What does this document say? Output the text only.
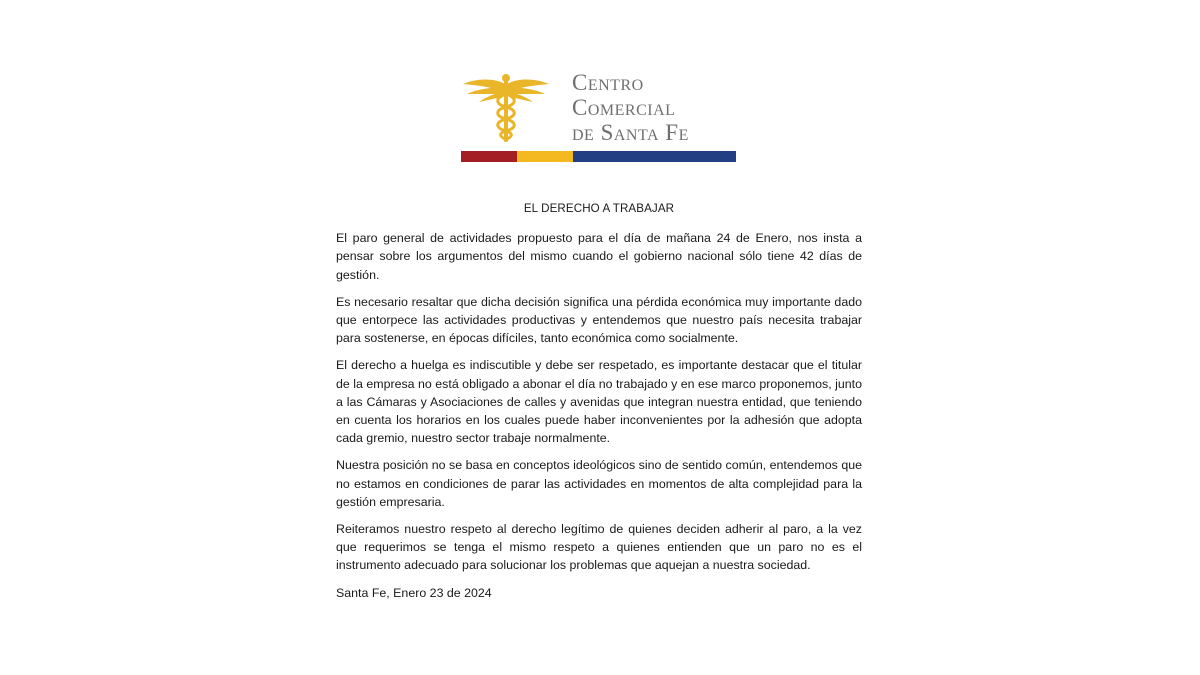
Centro
Comercial
de Santa Fe
EL DERECHO A TRABAJAR

El paro general de actividades propuesto para el día de mañana 24 de Enero, nos insta a pensar sobre los argumentos del mismo cuando el gobierno nacional sólo tiene 42 días de gestión.

Es necesario resaltar que dicha decisión significa una pérdida económica muy importante dado que entorpece las actividades productivas y entendemos que nuestro país necesita trabajar para sostenerse, en épocas difíciles, tanto económica como socialmente.

El derecho a huelga es indiscutible y debe ser respetado, es importante destacar que el titular de la empresa no está obligado a abonar el día no trabajado y en ese marco proponemos, junto a las Cámaras y Asociaciones de calles y avenidas que integran nuestra entidad, que teniendo en cuenta los horarios en los cuales puede haber inconvenientes por la adhesión que adopta cada gremio, nuestro sector trabaje normalmente.

Nuestra posición no se basa en conceptos ideológicos sino de sentido común, entendemos que no estamos en condiciones de parar las actividades en momentos de alta complejidad para la gestión empresaria.

Reiteramos nuestro respeto al derecho legítimo de quienes deciden adherir al paro, a la vez que requerimos se tenga el mismo respeto a quienes entienden que un paro no es el instrumento adecuado para solucionar los problemas que aquejan a nuestra sociedad.

Santa Fe, Enero 23 de 2024
